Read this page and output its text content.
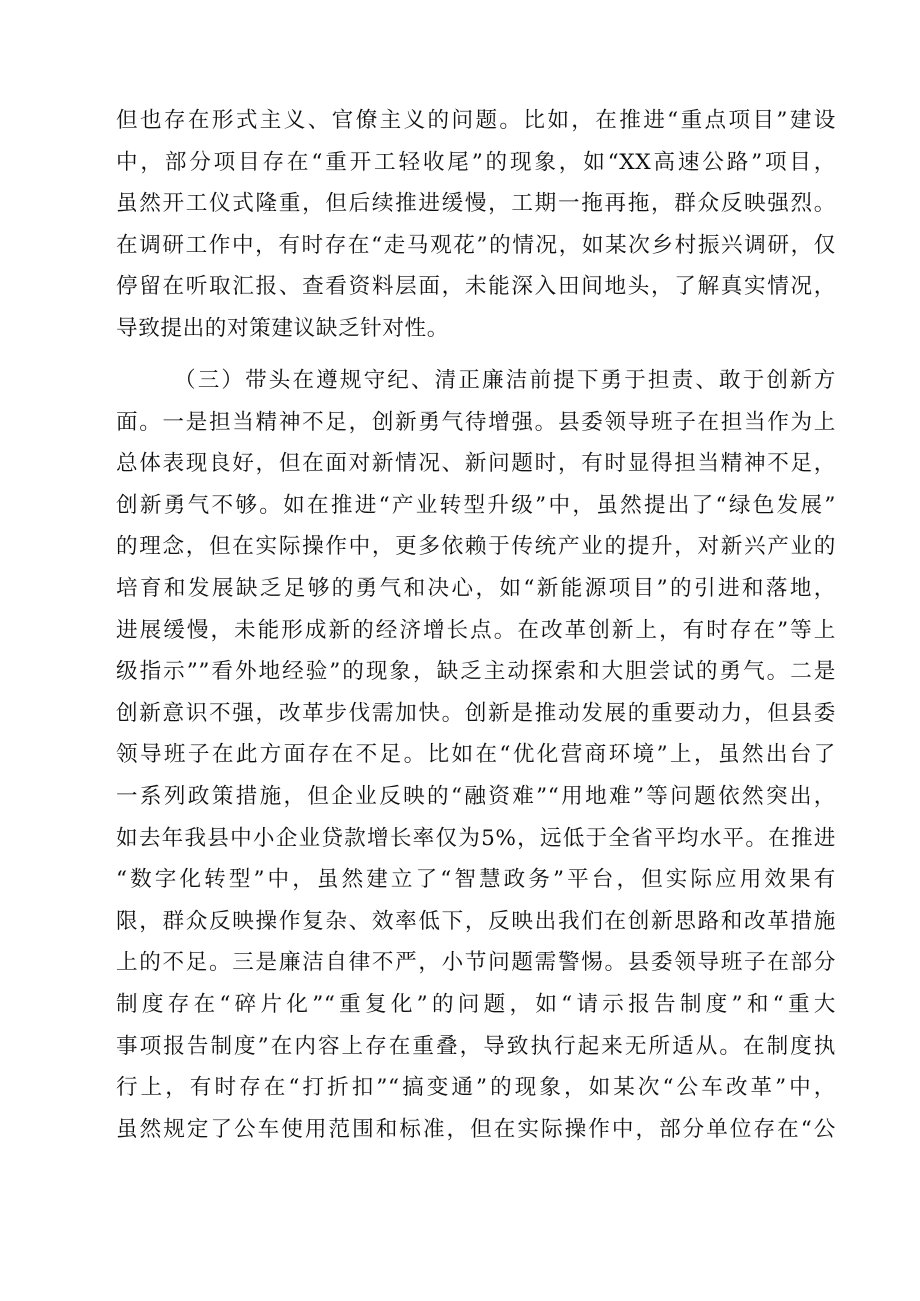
但也存在形式主义、官僚主义的问题。比如，在推进“重点项目”建设
中，部分项目存在“重开工轻收尾”的现象，如“XX高速公路”项目，
虽然开工仪式隆重，但后续推进缓慢，工期一拖再拖，群众反映强烈。
在调研工作中，有时存在“走马观花”的情况，如某次乡村振兴调研，仅
停留在听取汇报、查看资料层面，未能深入田间地头，了解真实情况，
导致提出的对策建议缺乏针对性。
（三）带头在遵规守纪、清正廉洁前提下勇于担责、敢于创新方
面。一是担当精神不足，创新勇气待增强。县委领导班子在担当作为上
总体表现良好，但在面对新情况、新问题时，有时显得担当精神不足，
创新勇气不够。如在推进“产业转型升级”中，虽然提出了“绿色发展”
的理念，但在实际操作中，更多依赖于传统产业的提升，对新兴产业的
培育和发展缺乏足够的勇气和决心，如“新能源项目”的引进和落地，
进展缓慢，未能形成新的经济增长点。在改革创新上，有时存在”等上
级指示””看外地经验”的现象，缺乏主动探索和大胆尝试的勇气。二是
创新意识不强，改革步伐需加快。创新是推动发展的重要动力，但县委
领导班子在此方面存在不足。比如在“优化营商环境”上，虽然出台了
一系列政策措施，但企业反映的“融资难”“用地难”等问题依然突出，
如去年我县中小企业贷款增长率仅为5%，远低于全省平均水平。在推进
“数字化转型”中，虽然建立了“智慧政务”平台，但实际应用效果有
限，群众反映操作复杂、效率低下，反映出我们在创新思路和改革措施
上的不足。三是廉洁自律不严，小节问题需警惕。县委领导班子在部分
制度存在“碎片化”“重复化”的问题，如“请示报告制度”和“重大
事项报告制度”在内容上存在重叠，导致执行起来无所适从。在制度执
行上，有时存在“打折扣”“搞变通”的现象，如某次“公车改革”中，
虽然规定了公车使用范围和标准，但在实际操作中，部分单位存在“公
